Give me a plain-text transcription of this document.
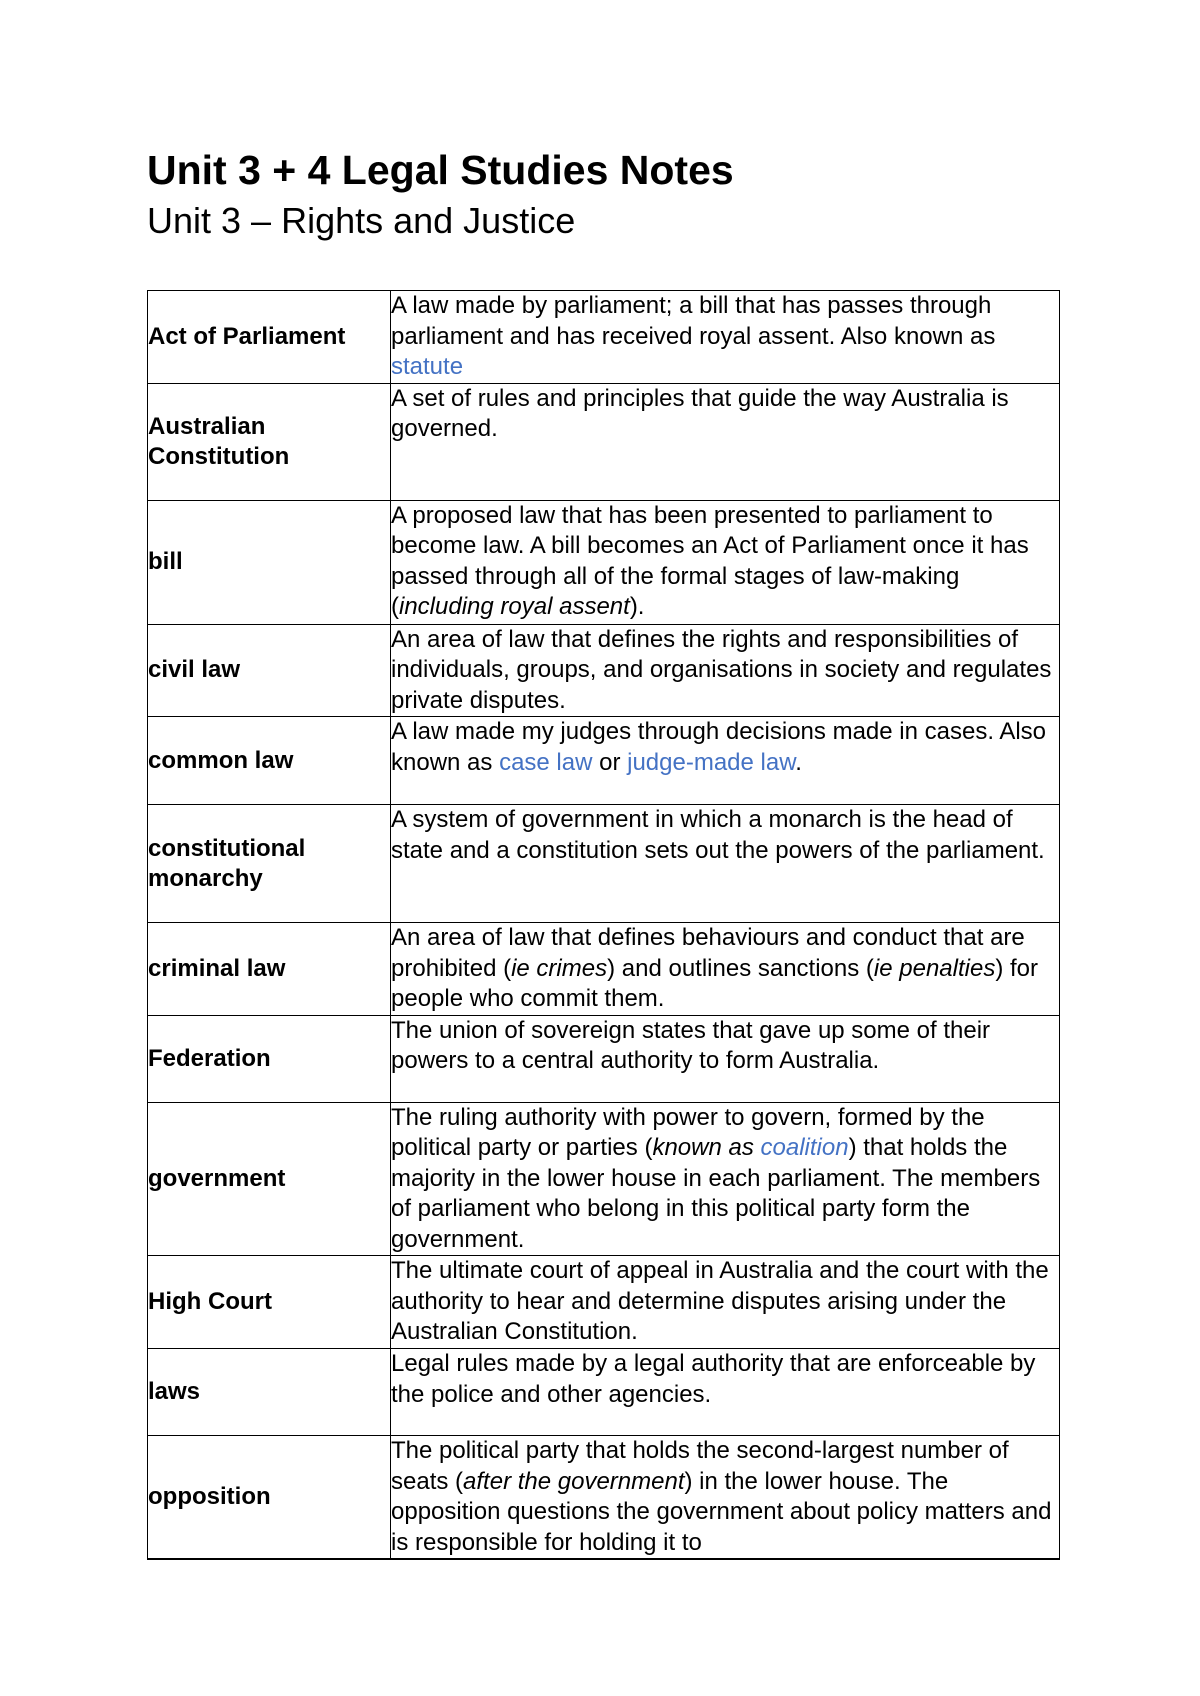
Unit 3 + 4 Legal Studies Notes
Unit 3 – Rights and Justice
Act of Parliament	A law made by parliament; a bill that has passes through parliament and has received royal assent. Also known as statute

Australian Constitution	A set of rules and principles that guide the way Australia is governed.

bill	A proposed law that has been presented to parliament to become law. A bill becomes an Act of Parliament once it has passed through all of the formal stages of law-making (including royal assent).

civil law	An area of law that defines the rights and responsibilities of individuals, groups, and organisations in society and regulates private disputes.

common law	A law made my judges through decisions made in cases. Also known as case law or judge-made law.

constitutional monarchy	A system of government in which a monarch is the head of state and a constitution sets out the powers of the parliament.

criminal law	An area of law that defines behaviours and conduct that are prohibited (ie crimes) and outlines sanctions (ie penalties) for people who commit them.

Federation	The union of sovereign states that gave up some of their powers to a central authority to form Australia.

government	The ruling authority with power to govern, formed by the political party or parties (known as coalition) that holds the majority in the lower house in each parliament. The members of parliament who belong in this political party form the government.

High Court	The ultimate court of appeal in Australia and the court with the authority to hear and determine disputes arising under the Australian Constitution.

laws	Legal rules made by a legal authority that are enforceable by the police and other agencies.

opposition	The political party that holds the second-largest number of seats (after the government) in the lower house. The opposition questions the government about policy matters and is responsible for holding it to
